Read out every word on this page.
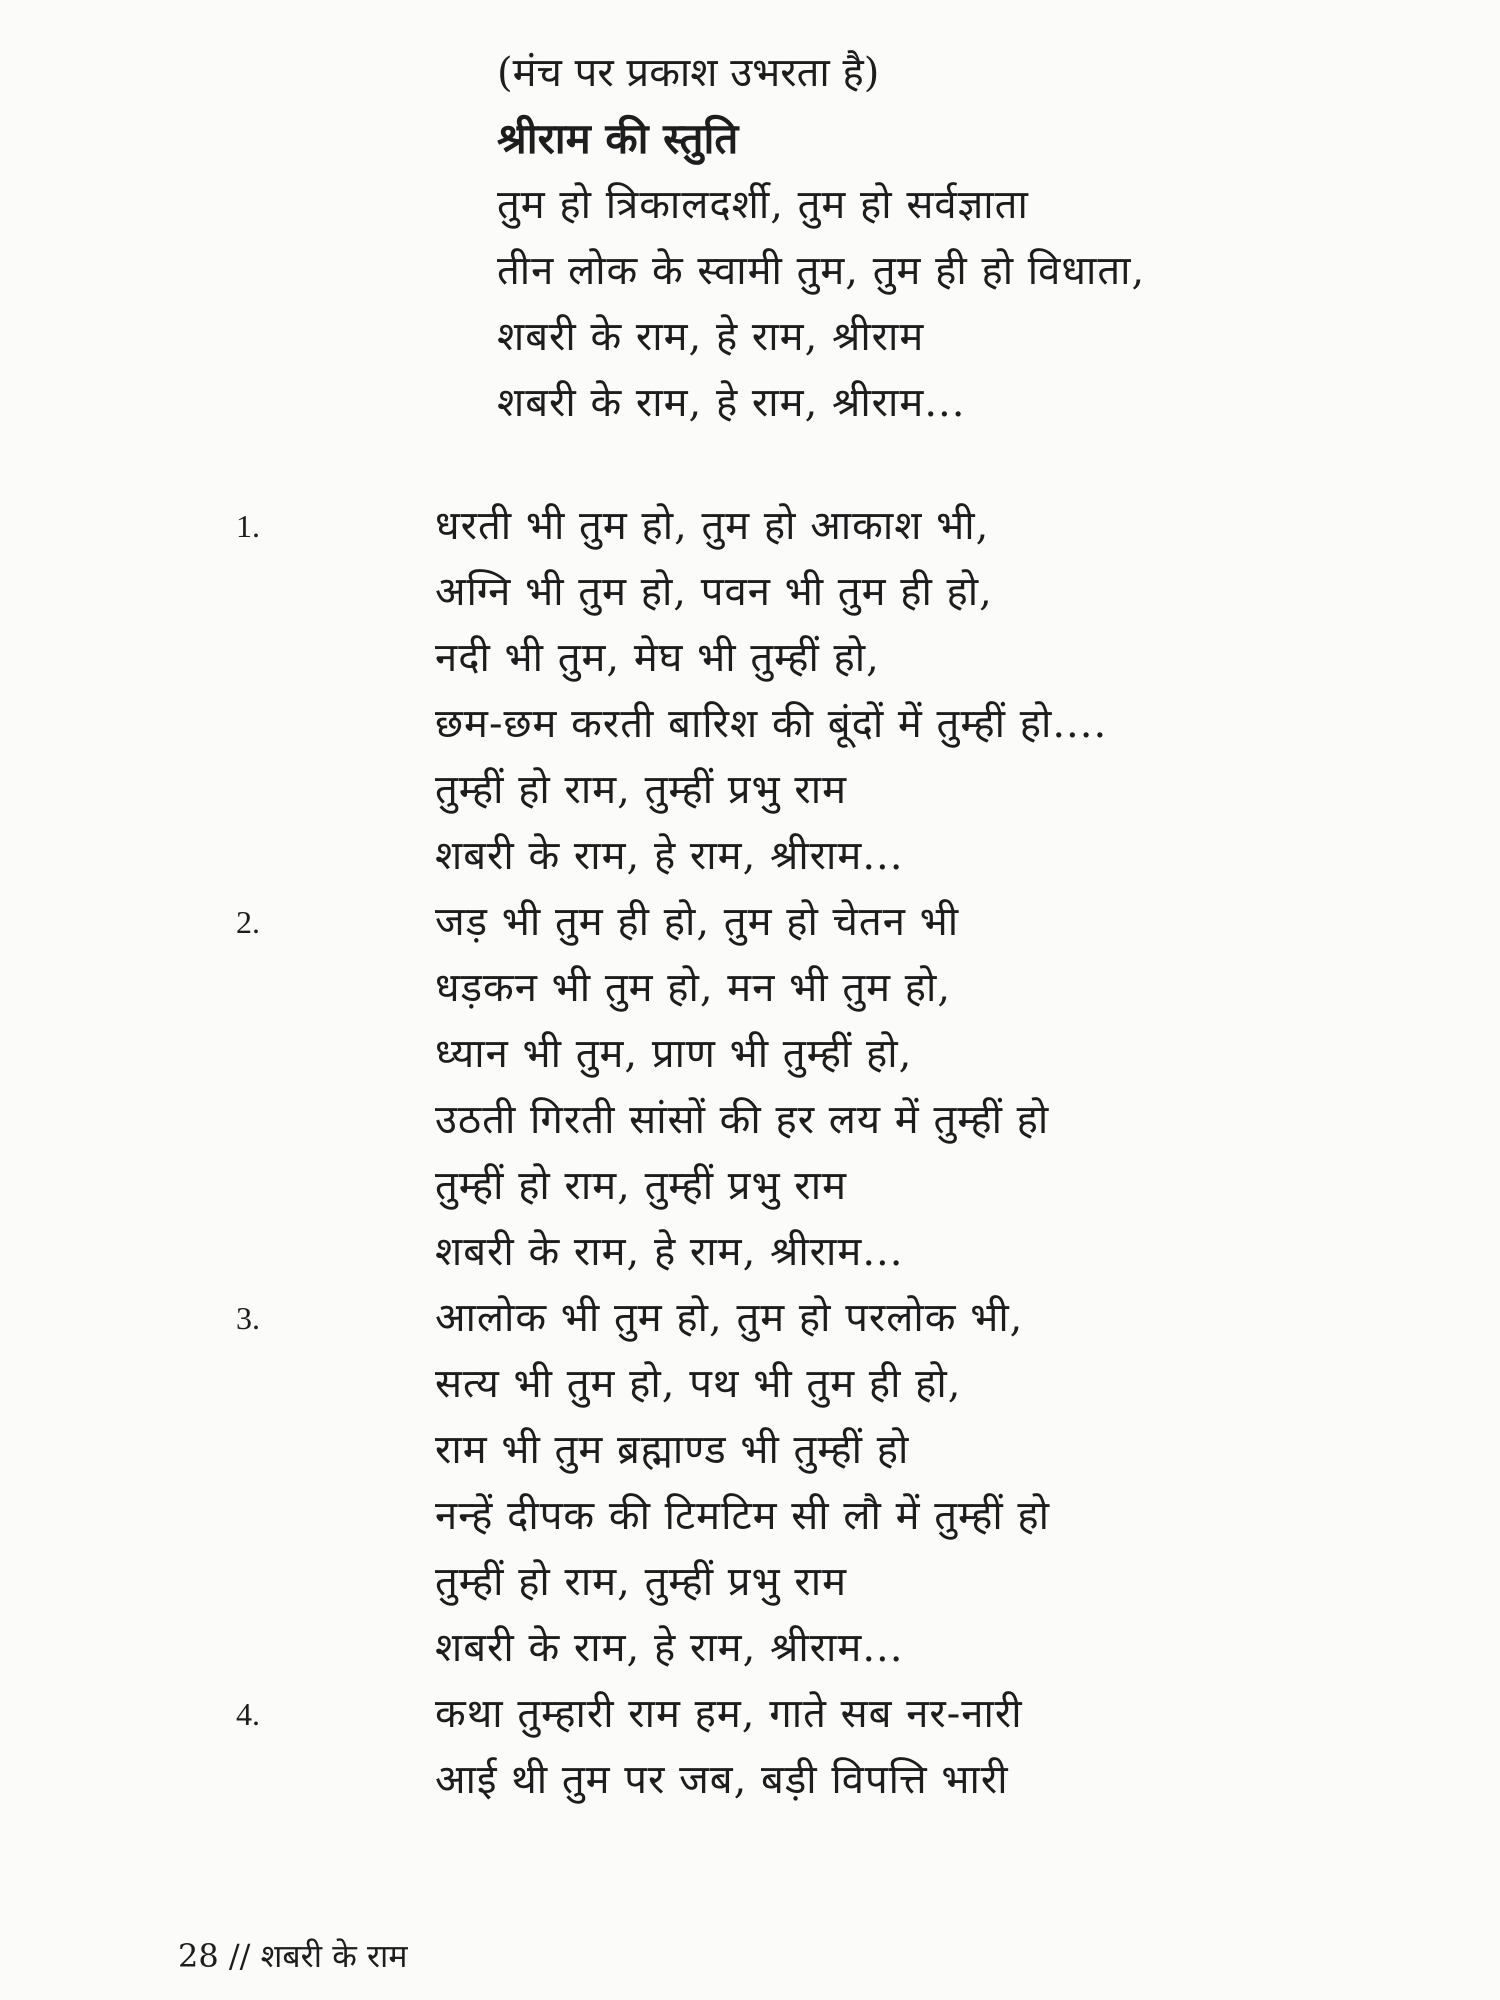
(मंच पर प्रकाश उभरता है)
श्रीराम की स्तुति
तुम हो त्रिकालदर्शी, तुम हो सर्वज्ञाता
तीन लोक के स्वामी तुम, तुम ही हो विधाता,
शबरी के राम, हे राम, श्रीराम
शबरी के राम, हे राम, श्रीराम...
1.	धरती भी तुम हो, तुम हो आकाश भी,
अग्नि भी तुम हो, पवन भी तुम ही हो,
नदी भी तुम, मेघ भी तुम्हीं हो,
छम-छम करती बारिश की बूंदों में तुम्हीं हो....
तुम्हीं हो राम, तुम्हीं प्रभु राम
शबरी के राम, हे राम, श्रीराम...
2.	जड़ भी तुम ही हो, तुम हो चेतन भी
धड़कन भी तुम हो, मन भी तुम हो,
ध्यान भी तुम, प्राण भी तुम्हीं हो,
उठती गिरती सांसों की हर लय में तुम्हीं हो
तुम्हीं हो राम, तुम्हीं प्रभु राम
शबरी के राम, हे राम, श्रीराम...
3.	आलोक भी तुम हो, तुम हो परलोक भी,
सत्य भी तुम हो, पथ भी तुम ही हो,
राम भी तुम ब्रह्माण्ड भी तुम्हीं हो
नन्हें दीपक की टिमटिम सी लौ में तुम्हीं हो
तुम्हीं हो राम, तुम्हीं प्रभु राम
शबरी के राम, हे राम, श्रीराम...
4.	कथा तुम्हारी राम हम, गाते सब नर-नारी
आई थी तुम पर जब, बड़ी विपत्ति भारी
28 // शबरी के राम
